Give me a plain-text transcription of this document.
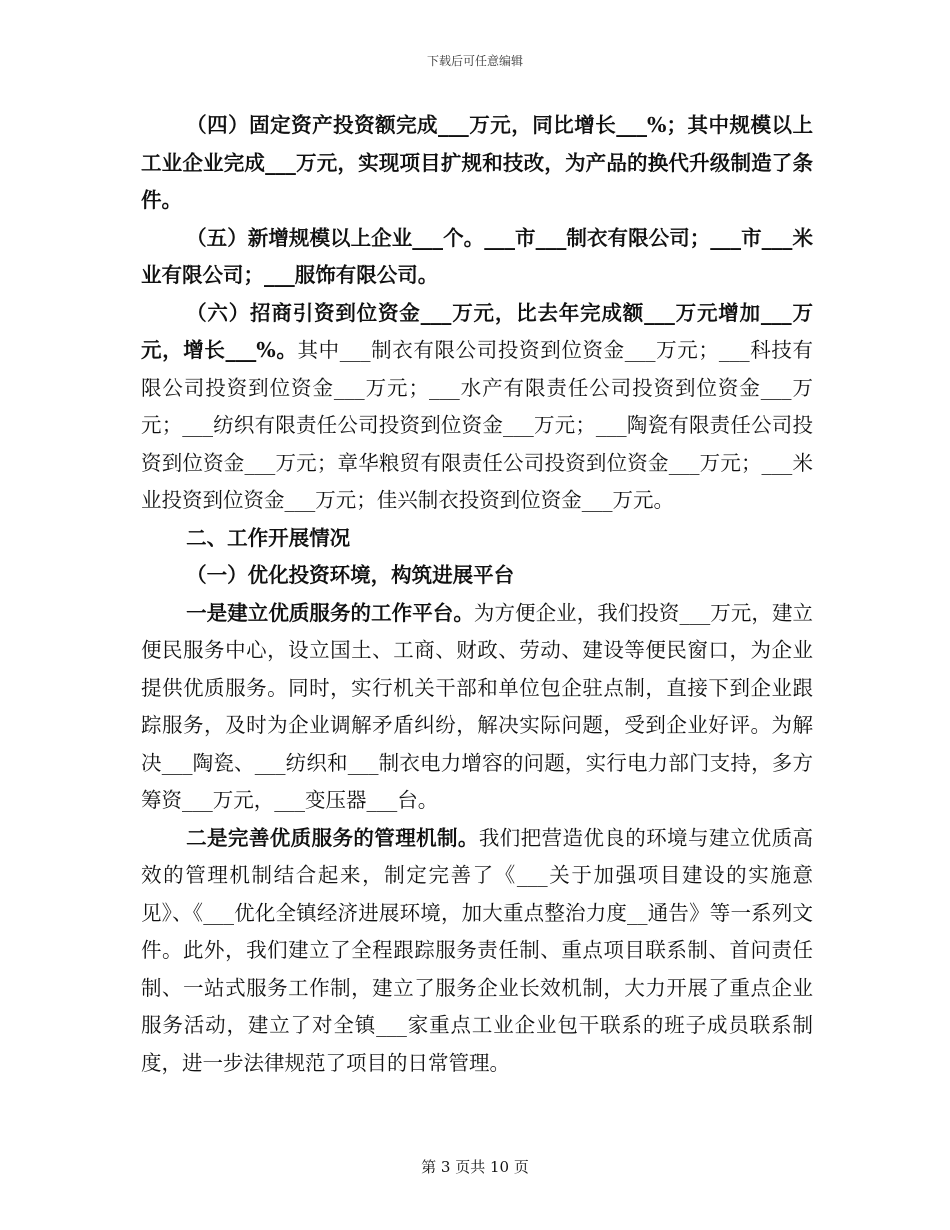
下载后可任意编辑

（四）固定资产投资额完成___万元，同比增长___%；其中规模以上工业企业完成___万元，实现项目扩规和技改，为产品的换代升级制造了条件。

（五）新增规模以上企业___个。___市___制衣有限公司；___市___米业有限公司；___服饰有限公司。

（六）招商引资到位资金___万元，比去年完成额___万元增加___万元，增长___%。其中___制衣有限公司投资到位资金___万元；___科技有限公司投资到位资金___万元；___水产有限责任公司投资到位资金___万元；___纺织有限责任公司投资到位资金___万元；___陶瓷有限责任公司投资到位资金___万元；章华粮贸有限责任公司投资到位资金___万元；___米业投资到位资金___万元；佳兴制衣投资到位资金___万元。

二、工作开展情况

（一）优化投资环境，构筑进展平台

一是建立优质服务的工作平台。为方便企业，我们投资___万元，建立便民服务中心，设立国土、工商、财政、劳动、建设等便民窗口，为企业提供优质服务。同时，实行机关干部和单位包企驻点制，直接下到企业跟踪服务，及时为企业调解矛盾纠纷，解决实际问题，受到企业好评。为解决___陶瓷、___纺织和___制衣电力增容的问题，实行电力部门支持，多方筹资___万元，___变压器___台。

二是完善优质服务的管理机制。我们把营造优良的环境与建立优质高效的管理机制结合起来，制定完善了《___关于加强项目建设的实施意见》、《___优化全镇经济进展环境，加大重点整治力度__通告》等一系列文件。此外，我们建立了全程跟踪服务责任制、重点项目联系制、首问责任制、一站式服务工作制，建立了服务企业长效机制，大力开展了重点企业服务活动，建立了对全镇___家重点工业企业包干联系的班子成员联系制度，进一步法律规范了项目的日常管理。

第 3 页共 10 页
